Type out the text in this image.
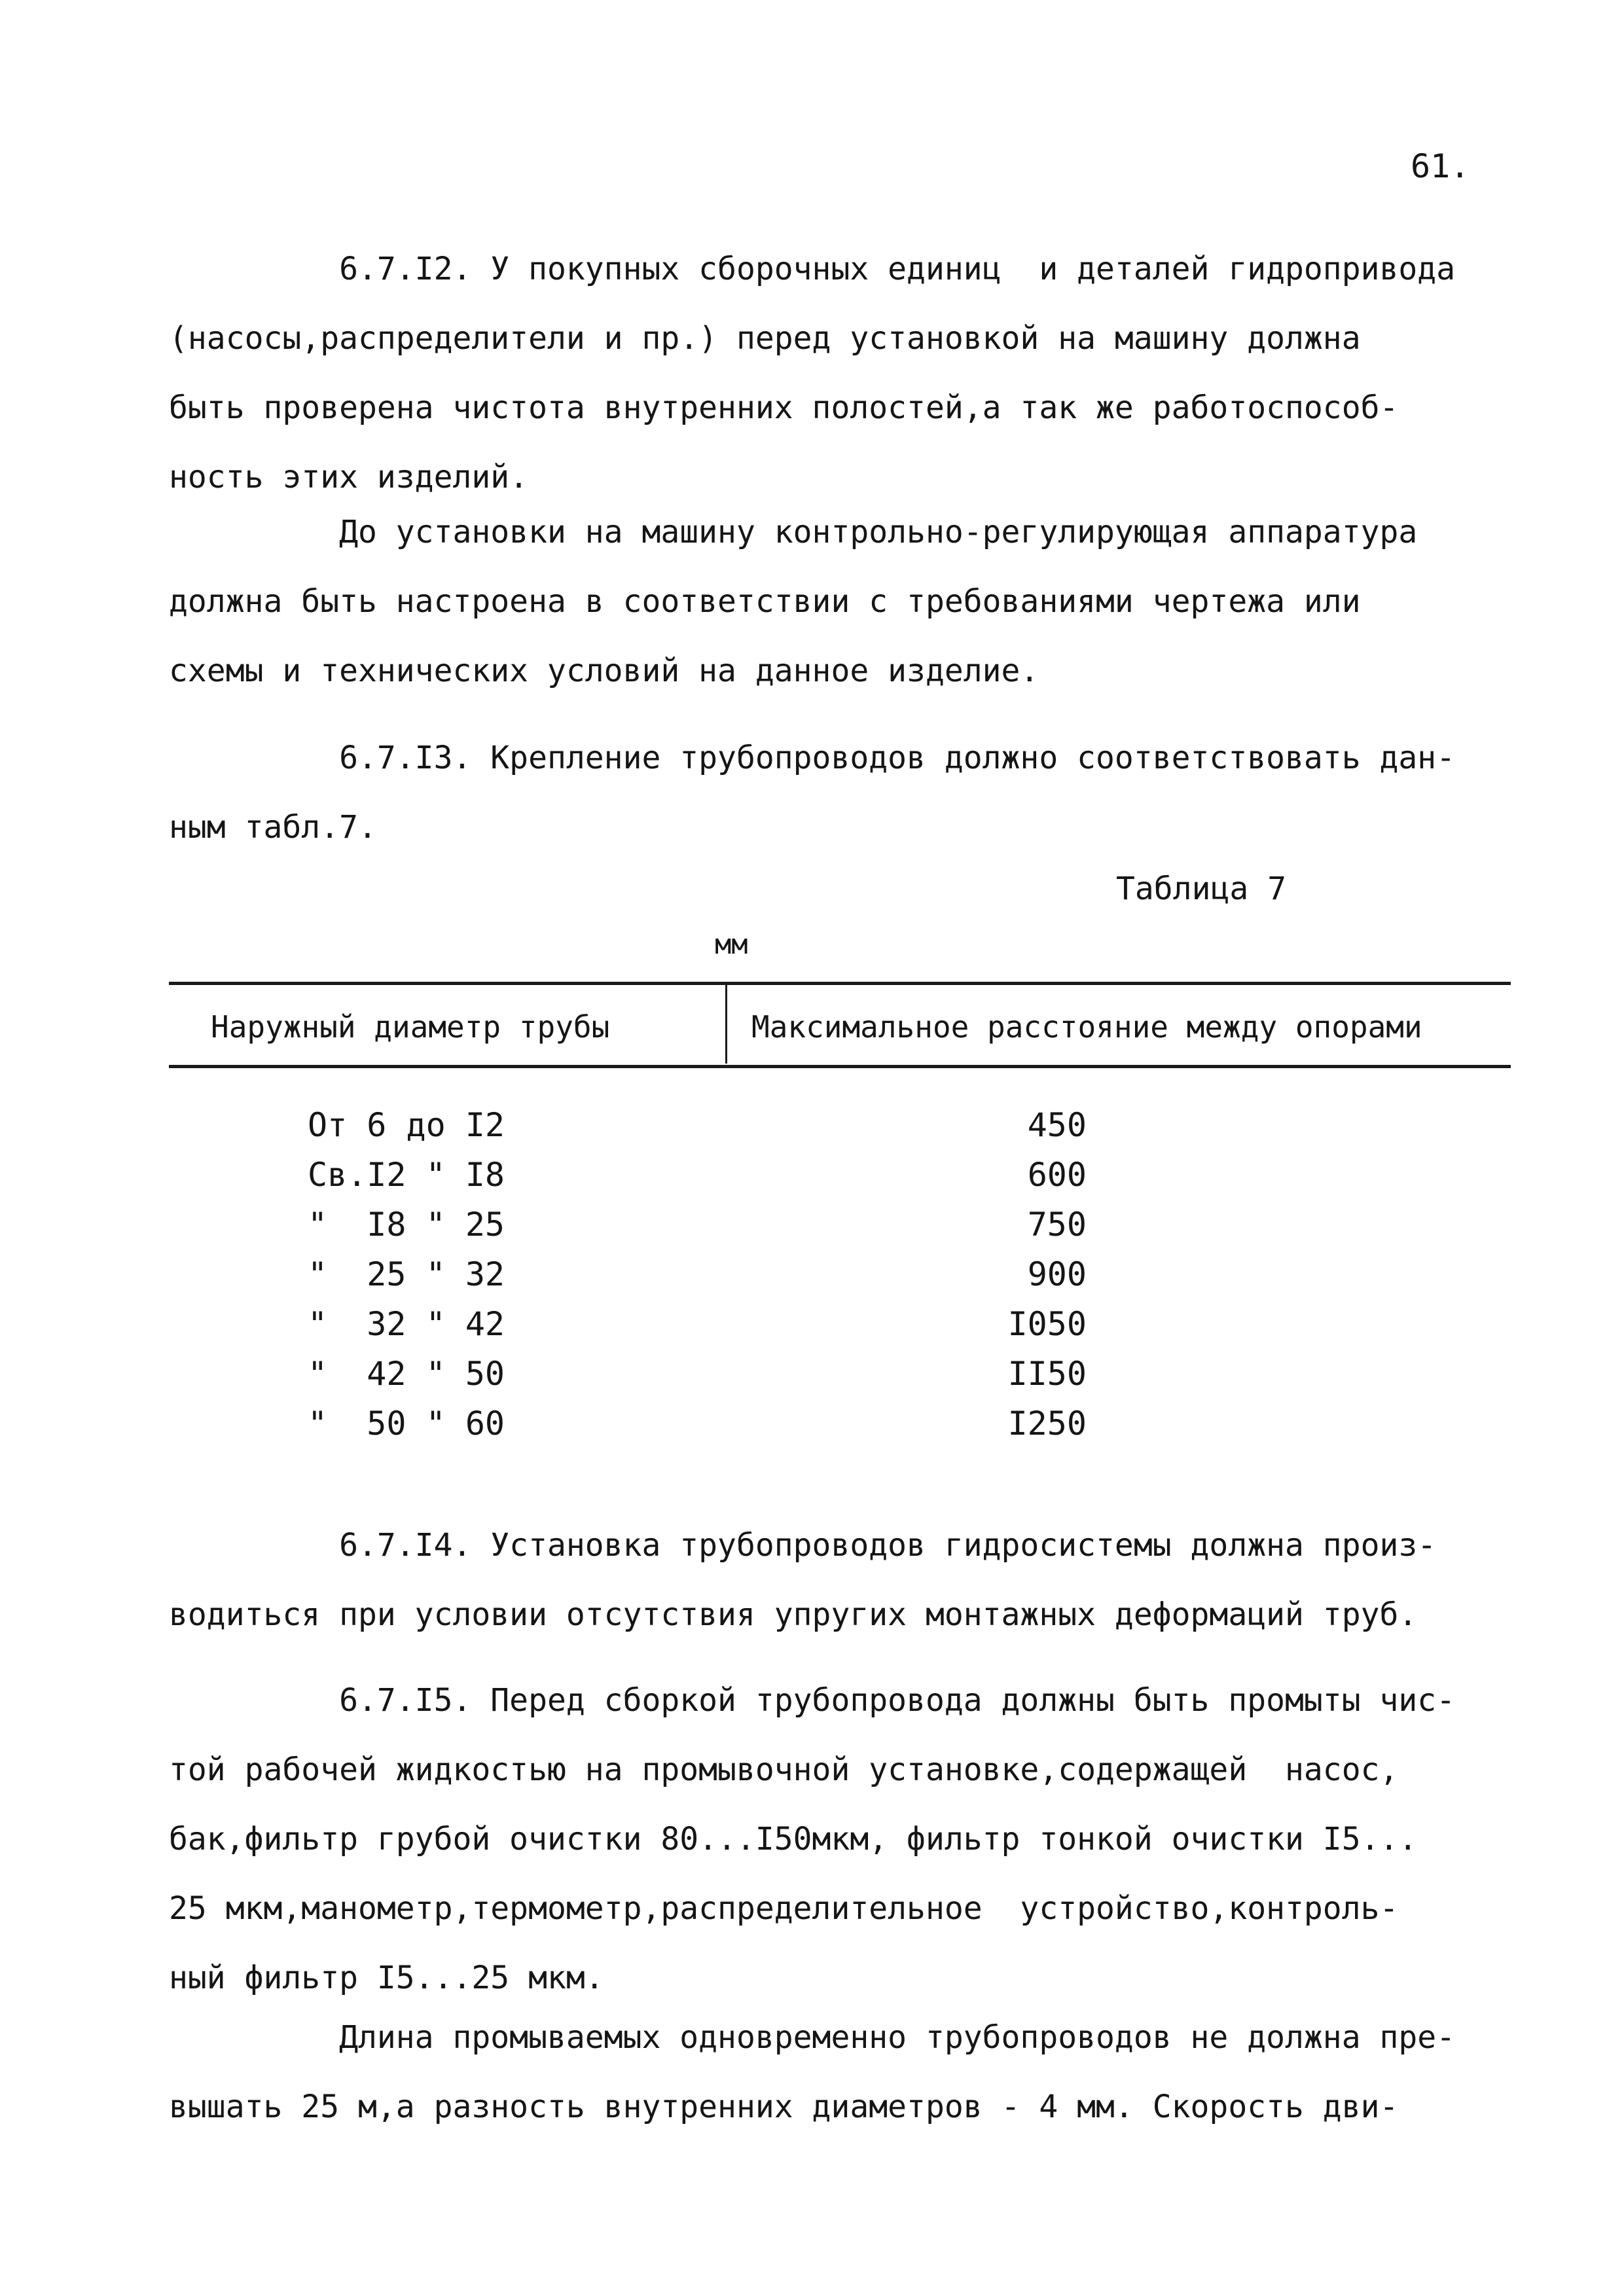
61.
6.7.I2. У покупных сборочных единиц  и деталей гидропривода
(насосы,распределители и пр.) перед установкой на машину должна
быть проверена чистота внутренних полостей,а так же работоспособ-
ность этих изделий.
До установки на машину контрольно-регулирующая аппаратура
должна быть настроена в соответствии с требованиями чертежа или
схемы и технических условий на данное изделие.
6.7.I3. Крепление трубопроводов должно соответствовать дан-
ным табл.7.
Таблица 7
мм
Наружный диаметр трубы	Максимальное расстояние между опорами
От 6 до I2	450
Св.I2 " I8	600
"  I8 " 25	750
"  25 " 32	900
"  32 " 42	I050
"  42 " 50	II50
"  50 " 60	I250
6.7.I4. Установка трубопроводов гидросистемы должна произ-
водиться при условии отсутствия упругих монтажных деформаций труб.
6.7.I5. Перед сборкой трубопровода должны быть промыты чис-
той рабочей жидкостью на промывочной установке,содержащей  насос,
бак,фильтр грубой очистки 80...I50мкм, фильтр тонкой очистки I5...
25 мкм,манометр,термометр,распределительное  устройство,контроль-
ный фильтр I5...25 мкм.
Длина промываемых одновременно трубопроводов не должна пре-
вышать 25 м,а разность внутренних диаметров - 4 мм. Скорость дви-
